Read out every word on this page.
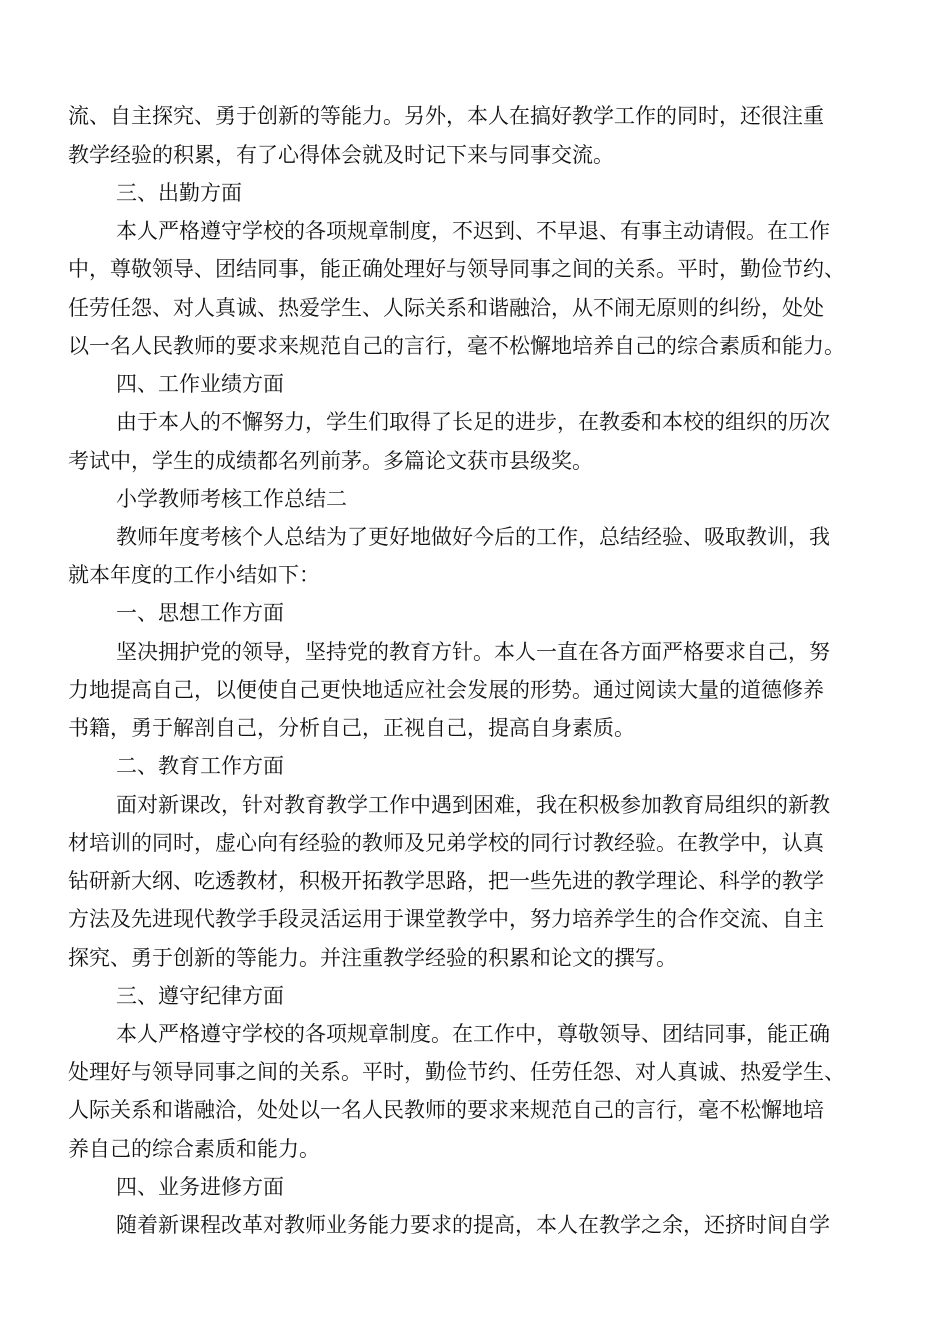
流、自主探究、勇于创新的等能力。另外，本人在搞好教学工作的同时，还很注重
教学经验的积累，有了心得体会就及时记下来与同事交流。
三、出勤方面
本人严格遵守学校的各项规章制度，不迟到、不早退、有事主动请假。在工作
中，尊敬领导、团结同事，能正确处理好与领导同事之间的关系。平时，勤俭节约、
任劳任怨、对人真诚、热爱学生、人际关系和谐融洽，从不闹无原则的纠纷，处处
以一名人民教师的要求来规范自己的言行，毫不松懈地培养自己的综合素质和能力。
四、工作业绩方面
由于本人的不懈努力，学生们取得了长足的进步，在教委和本校的组织的历次
考试中，学生的成绩都名列前茅。多篇论文获市县级奖。
小学教师考核工作总结二
教师年度考核个人总结为了更好地做好今后的工作，总结经验、吸取教训，我
就本年度的工作小结如下：
一、思想工作方面
坚决拥护党的领导，坚持党的教育方针。本人一直在各方面严格要求自己，努
力地提高自己，以便使自己更快地适应社会发展的形势。通过阅读大量的道德修养
书籍，勇于解剖自己，分析自己，正视自己，提高自身素质。
二、教育工作方面
面对新课改，针对教育教学工作中遇到困难，我在积极参加教育局组织的新教
材培训的同时，虚心向有经验的教师及兄弟学校的同行讨教经验。在教学中，认真
钻研新大纲、吃透教材，积极开拓教学思路，把一些先进的教学理论、科学的教学
方法及先进现代教学手段灵活运用于课堂教学中，努力培养学生的合作交流、自主
探究、勇于创新的等能力。并注重教学经验的积累和论文的撰写。
三、遵守纪律方面
本人严格遵守学校的各项规章制度。在工作中，尊敬领导、团结同事，能正确
处理好与领导同事之间的关系。平时，勤俭节约、任劳任怨、对人真诚、热爱学生、
人际关系和谐融洽，处处以一名人民教师的要求来规范自己的言行，毫不松懈地培
养自己的综合素质和能力。
四、业务进修方面
随着新课程改革对教师业务能力要求的提高，本人在教学之余，还挤时间自学
